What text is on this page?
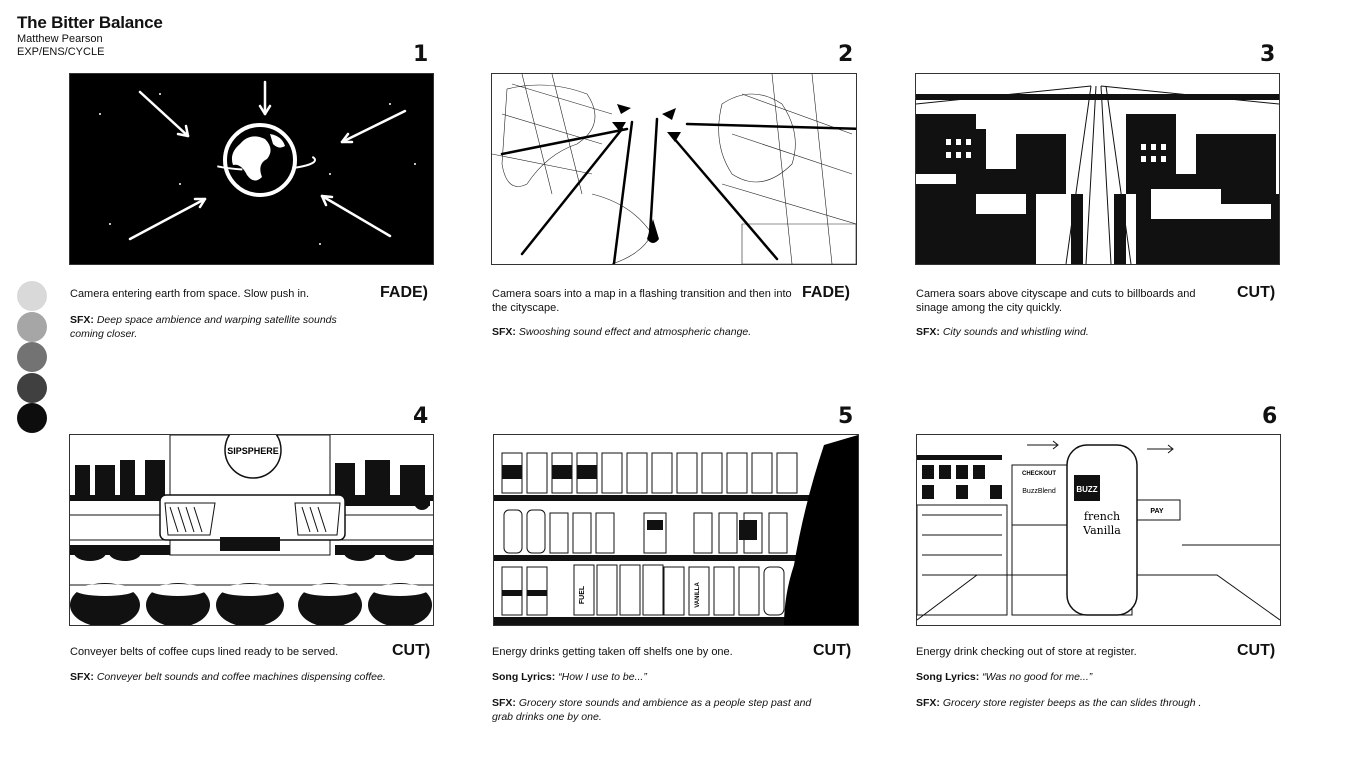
The Bitter Balance
Matthew Pearson
EXP/ENS/CYCLE	1
Camera entering earth from space. Slow push in.	FADE)
SFX: Deep space ambience and warping satellite sounds coming closer.
2
Camera soars into a map in a flashing transition and then into the cityscape.
FADE)
SFX: Swooshing sound effect and atmospheric change.
3
Camera soars above cityscape and cuts to billboards and sinage among the city quickly.
CUT)
SFX: City sounds and whistling wind.
4
SIPSPHERE
Conveyer belts of coffee cups lined ready to be served.	CUT)
SFX: Conveyer belt sounds and coffee machines dispensing coffee.
5
FUEL	VANILLA
Energy drinks getting taken off shelfs one by one.	CUT)
Song Lyrics: “How I use to be...”
SFX: Grocery store sounds and ambience as a people step past and grab drinks one by one.
6
BUZZ
french
Vanilla
CHECKOUT
BuzzBlend
PAY
Energy drink checking out of store at register.	CUT)
Song Lyrics: “Was no good for me...”
SFX: Grocery store register beeps as the can slides through .
